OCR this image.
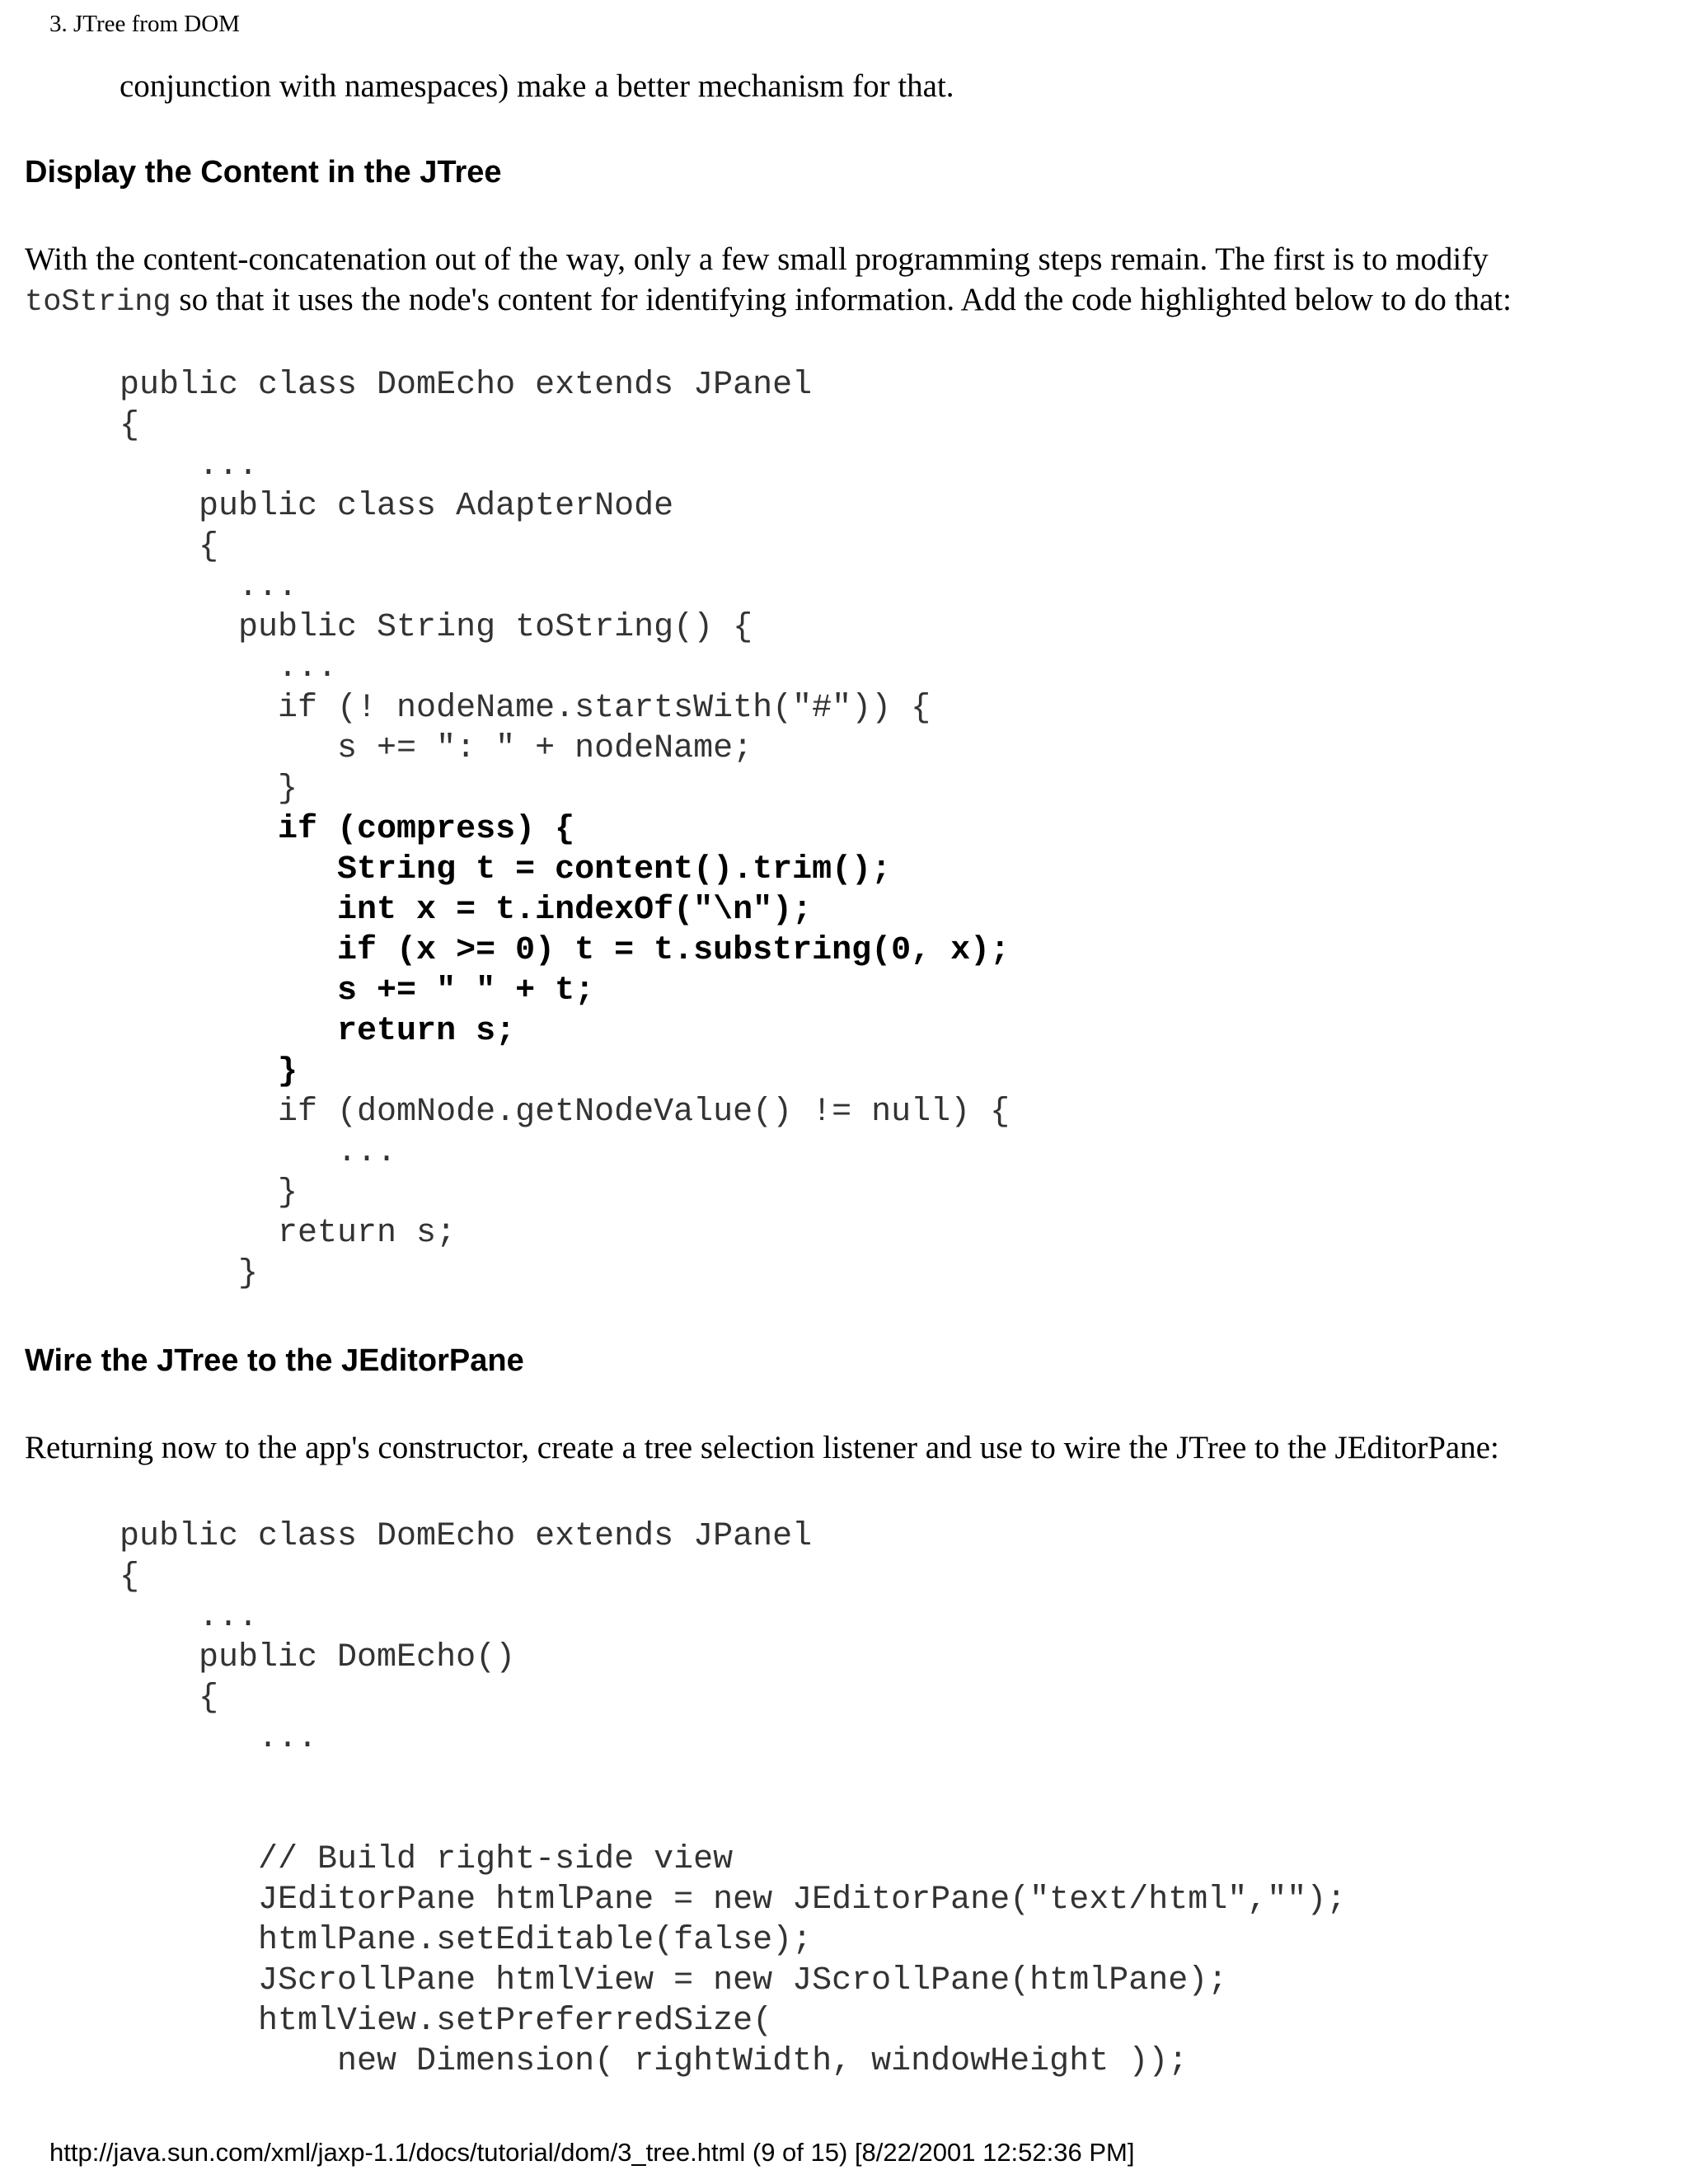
3. JTree from DOM
conjunction with namespaces) make a better mechanism for that.
Display the Content in the JTree
With the content-concatenation out of the way, only a few small programming steps remain. The first is to modify
toString so that it uses the node's content for identifying information. Add the code highlighted below to do that:
public class DomEcho extends JPanel
{
...
public class AdapterNode
{
...
public String toString() {
...
if (! nodeName.startsWith("#")) {
s += ": " + nodeName;
}
if (compress) {
String t = content().trim();
int x = t.indexOf("\n");
if (x >= 0) t = t.substring(0, x);
s += " " + t;
return s;
}
if (domNode.getNodeValue() != null) {
...
}
return s;
}
Wire the JTree to the JEditorPane
Returning now to the app's constructor, create a tree selection listener and use to wire the JTree to the JEditorPane:
public class DomEcho extends JPanel
{
...
public DomEcho()
{
...
// Build right-side view
JEditorPane htmlPane = new JEditorPane("text/html","");
htmlPane.setEditable(false);
JScrollPane htmlView = new JScrollPane(htmlPane);
htmlView.setPreferredSize(
new Dimension( rightWidth, windowHeight ));
http://java.sun.com/xml/jaxp-1.1/docs/tutorial/dom/3_tree.html (9 of 15) [8/22/2001 12:52:36 PM]
